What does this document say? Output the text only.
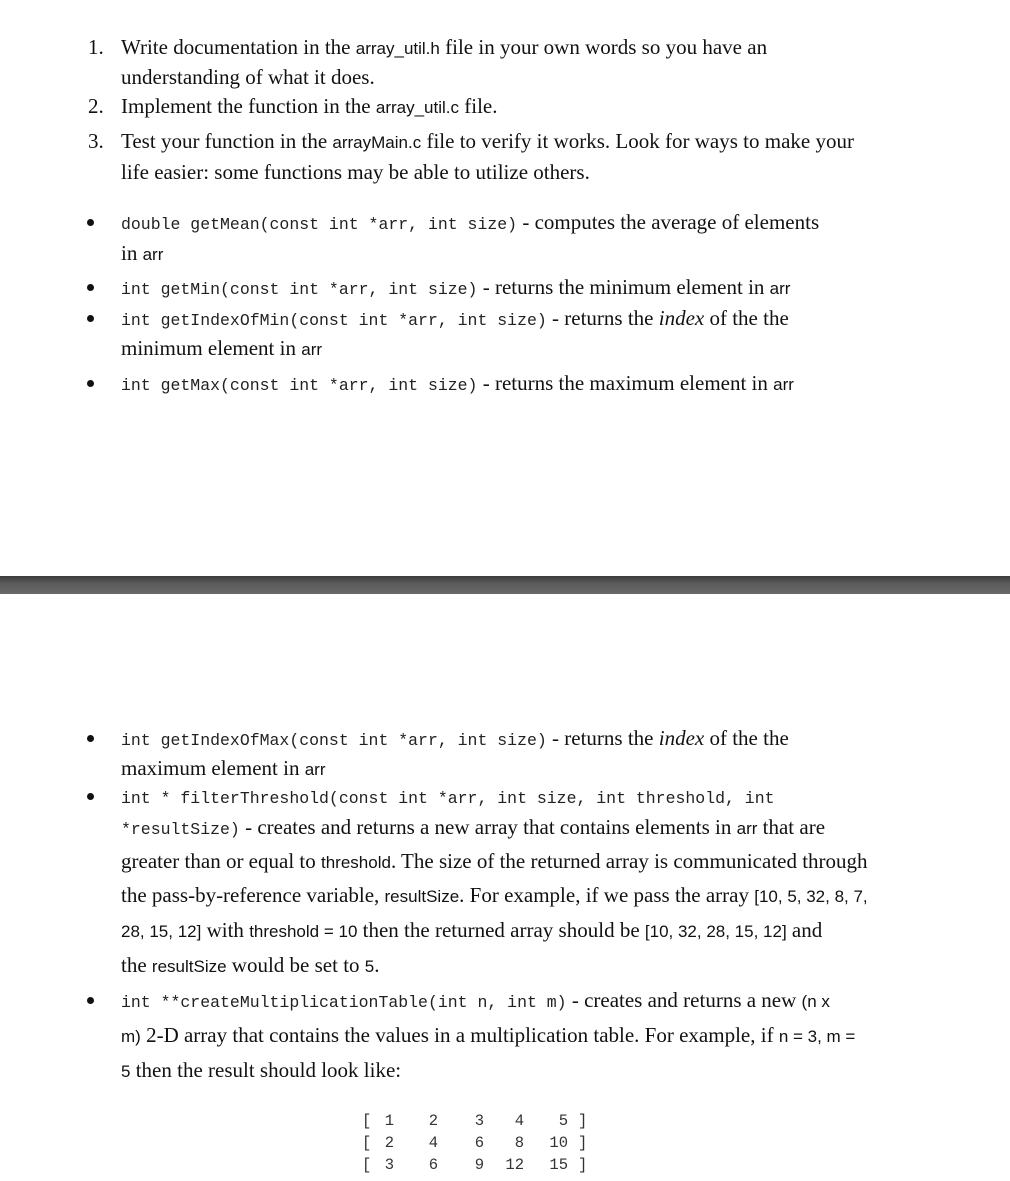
1. Write documentation in the array_util.h file in your own words so you have an
understanding of what it does.
2. Implement the function in the array_util.c file.
3. Test your function in the arrayMain.c file to verify it works. Look for ways to make your
life easier: some functions may be able to utilize others.
double getMean(const int *arr, int size) - computes the average of elements
in arr
int getMin(const int *arr, int size) - returns the minimum element in arr
int getIndexOfMin(const int *arr, int size) - returns the index of the the
minimum element in arr
int getMax(const int *arr, int size) - returns the maximum element in arr
int getIndexOfMax(const int *arr, int size) - returns the index of the the
maximum element in arr
int * filterThreshold(const int *arr, int size, int threshold, int
*resultSize) - creates and returns a new array that contains elements in arr that are
greater than or equal to threshold. The size of the returned array is communicated through
the pass-by-reference variable, resultSize. For example, if we pass the array [10, 5, 32, 8, 7,
28, 15, 12] with threshold = 10 then the returned array should be [10, 32, 28, 15, 12] and
the resultSize would be set to 5.
int **createMultiplicationTable(int n, int m) - creates and returns a new (n x
m) 2-D array that contains the values in a multiplication table. For example, if n = 3, m =
5 then the result should look like:
[ 1	2	3	4	5 ]
[ 2	4	6	8	10 ]
[ 3	6	9	12	15 ]
